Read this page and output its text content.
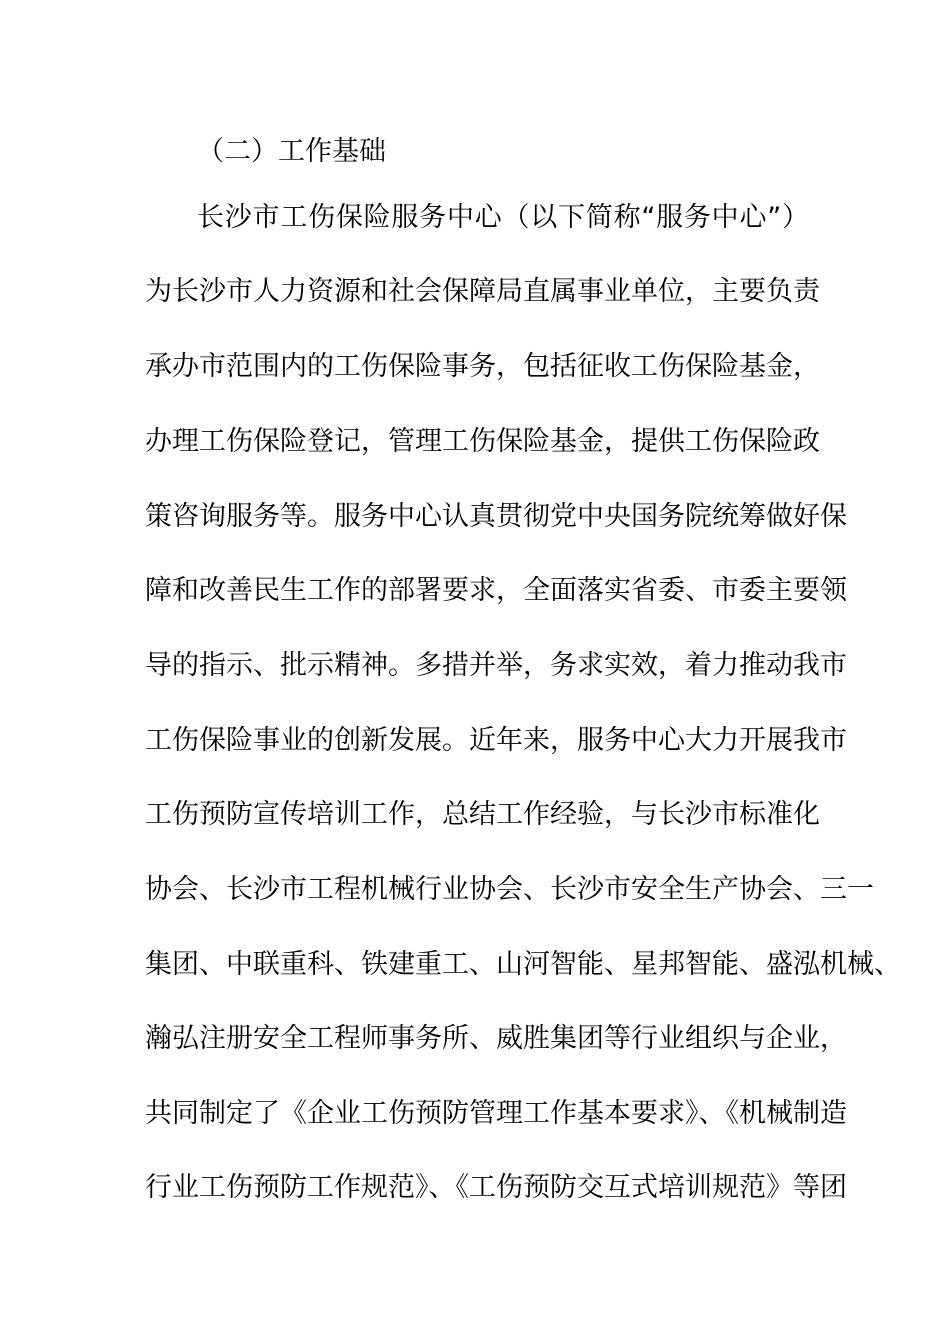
（二）工作基础
长沙市工伤保险服务中心（以下简称“服务中心”）
为长沙市人力资源和社会保障局直属事业单位，主要负责
承办市范围内的工伤保险事务，包括征收工伤保险基金，
办理工伤保险登记，管理工伤保险基金，提供工伤保险政
策咨询服务等。服务中心认真贯彻党中央国务院统筹做好保
障和改善民生工作的部署要求，全面落实省委、市委主要领
导的指示、批示精神。多措并举，务求实效，着力推动我市
工伤保险事业的创新发展。近年来，服务中心大力开展我市
工伤预防宣传培训工作，总结工作经验，与长沙市标准化
协会、长沙市工程机械行业协会、长沙市安全生产协会、三一
集团、中联重科、铁建重工、山河智能、星邦智能、盛泓机械、
瀚弘注册安全工程师事务所、威胜集团等行业组织与企业，
共同制定了《企业工伤预防管理工作基本要求》、《机械制造
行业工伤预防工作规范》、《工伤预防交互式培训规范》等团
